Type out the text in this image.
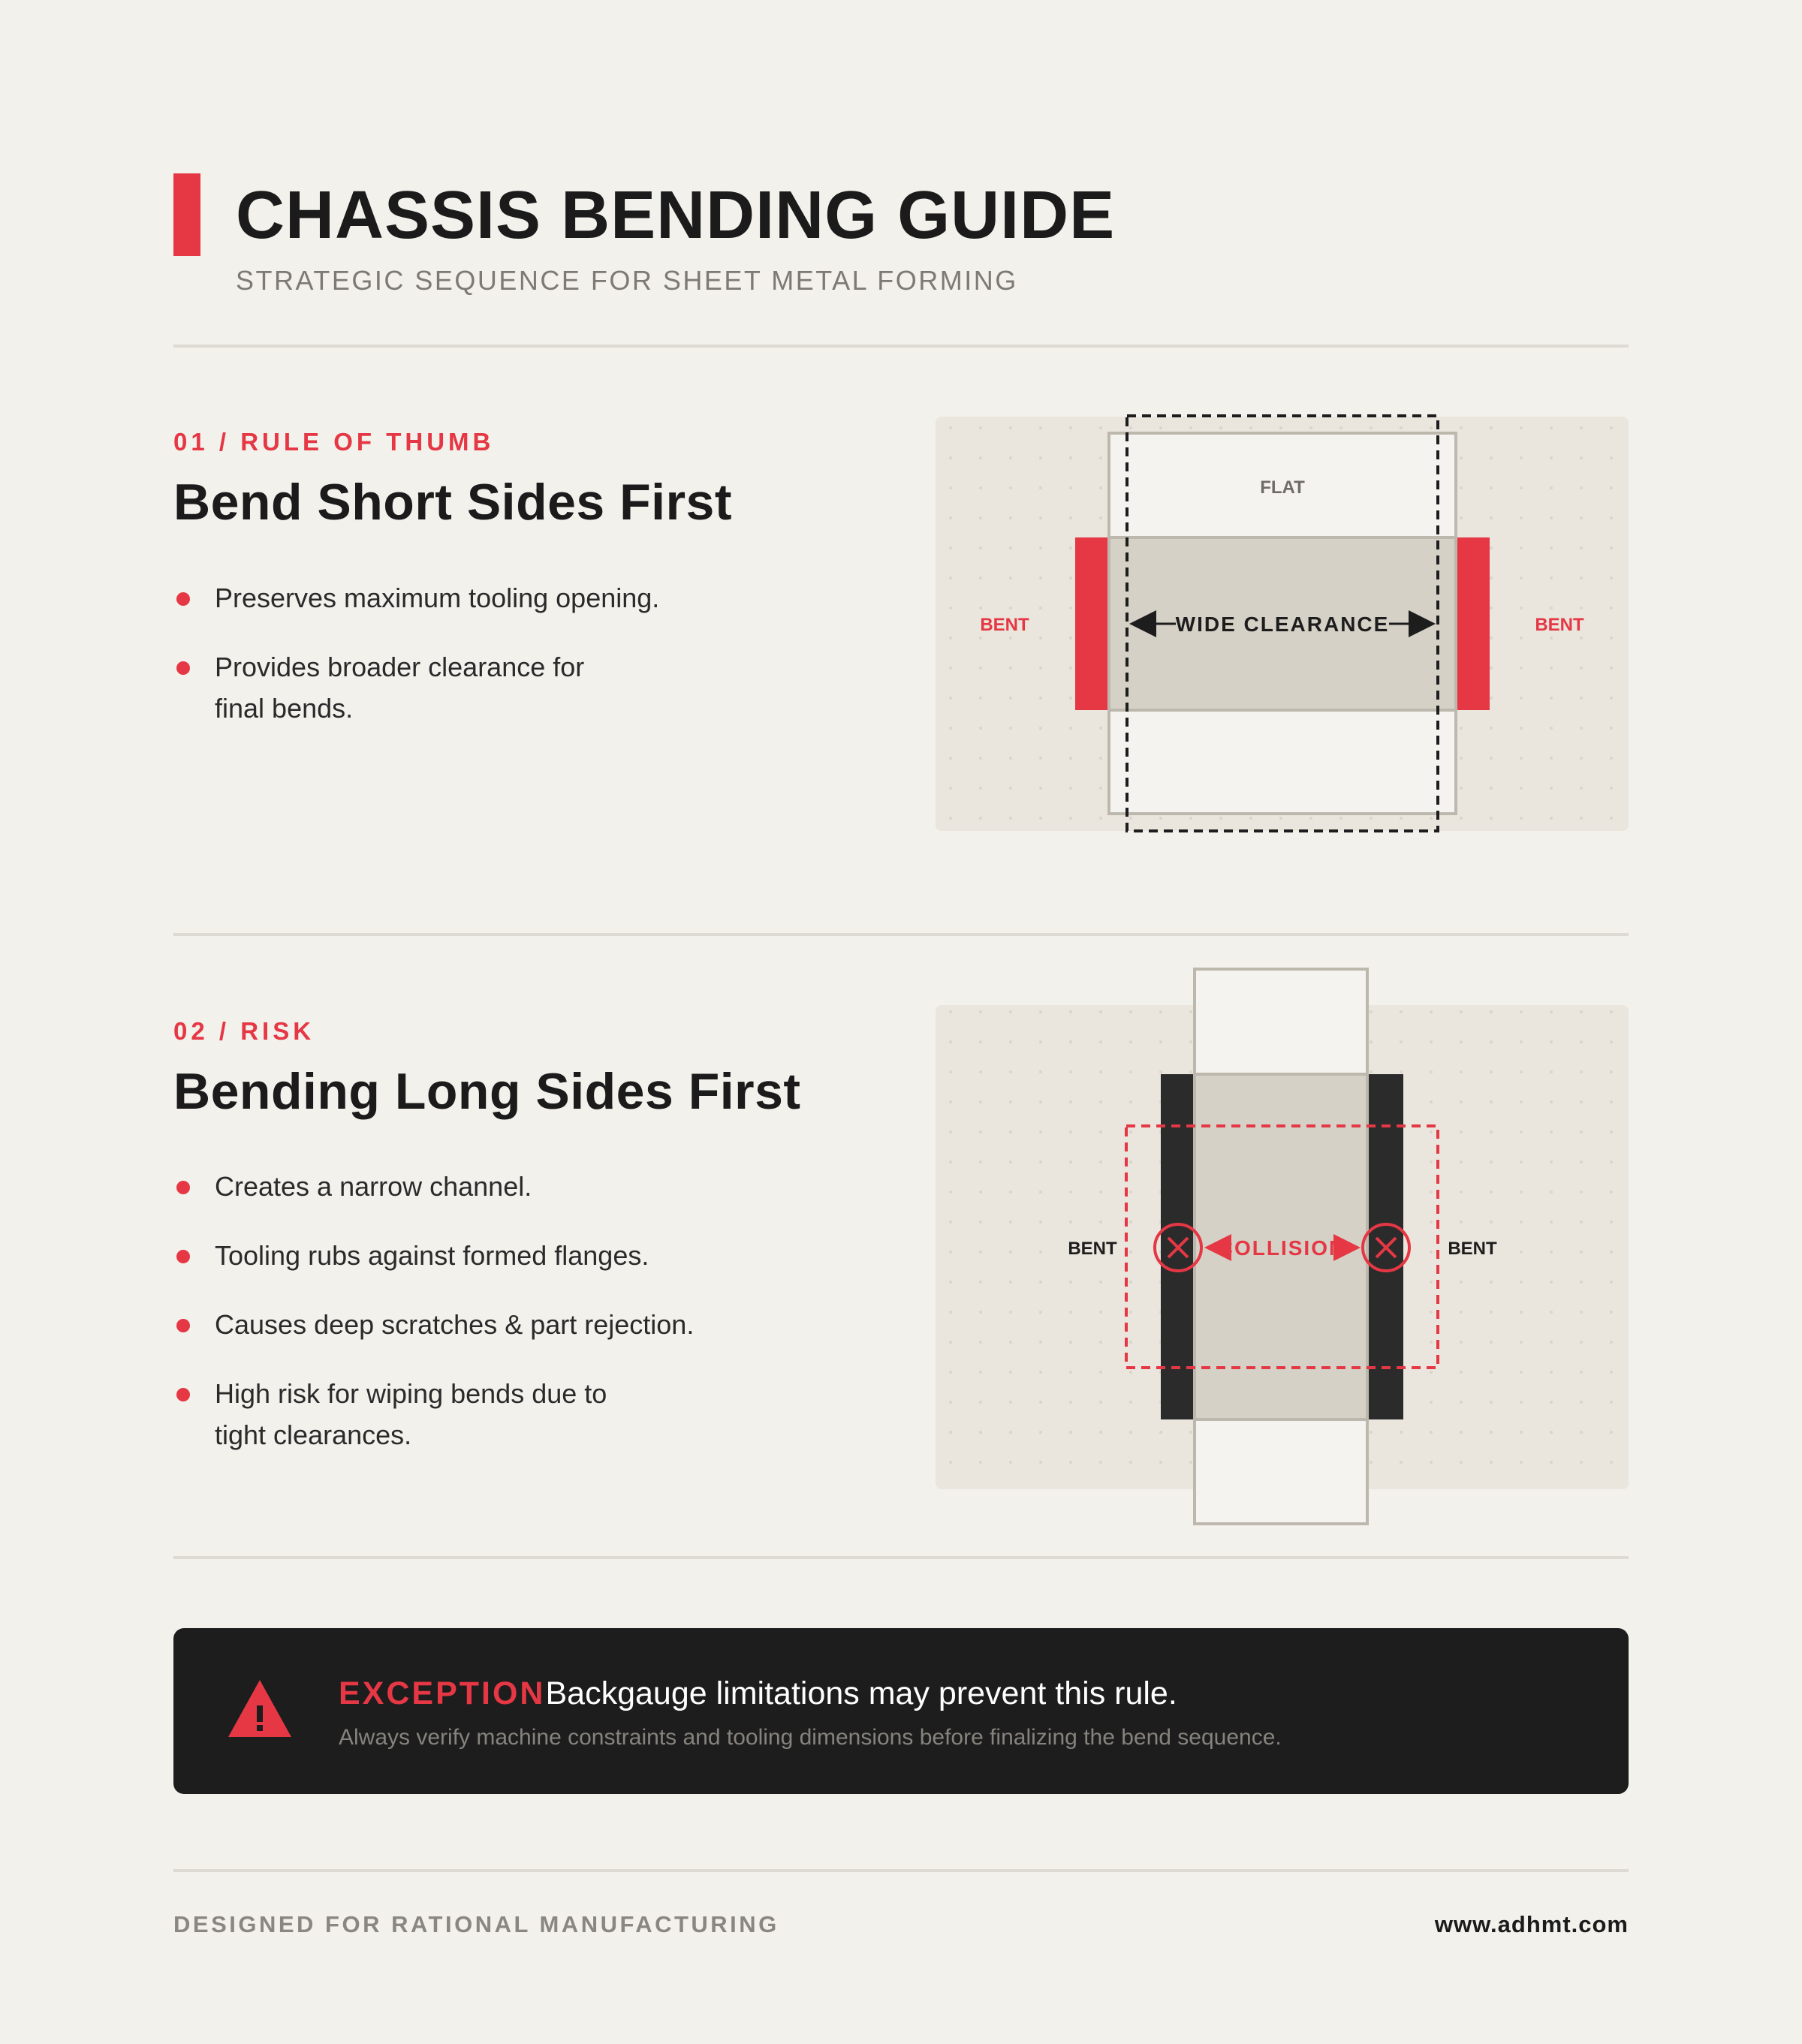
CHASSIS BENDING GUIDE
STRATEGIC SEQUENCE FOR SHEET METAL FORMING
01 / RULE OF THUMB
Bend Short Sides First
Preserves maximum tooling opening.
Provides broader clearance for final bends.
FLAT
BENT	BENT
WIDE CLEARANCE
02 / RISK
Bending Long Sides First
Creates a narrow channel.
Tooling rubs against formed flanges.
Causes deep scratches & part rejection.
High risk for wiping bends due to tight clearances.
BENT	BENT
COLLISION
EXCEPTIONBackgauge limitations may prevent this rule.
Always verify machine constraints and tooling dimensions before finalizing the bend sequence.
DESIGNED FOR RATIONAL MANUFACTURING	www.adhmt.com
